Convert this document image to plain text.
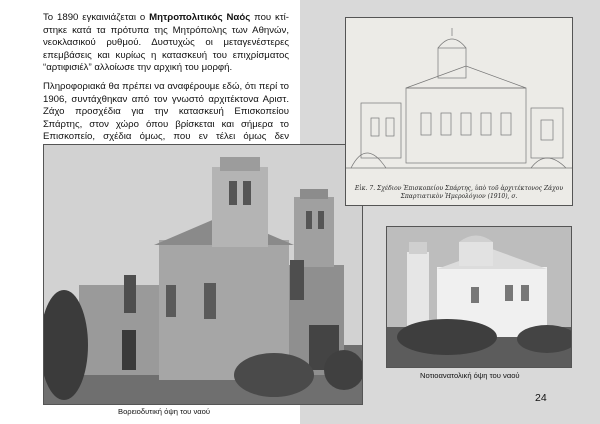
Το 1890 εγκαινιάζεται ο Μητροπολιτικός Ναός που κτίστηκε κατά τα πρότυπα της Μητρόπολης των Αθηνών, νεοκλασικού ρυθμού. Δυστυχώς οι μεταγενέστερες επεμβάσεις και κυρίως η κατασκευή του επιχρίσματος “αρτιφισιέλ” αλλοίωσε την αρχική του μορφή.

Πληροφοριακά θα πρέπει να αναφέρουμε εδώ, ότι περί το 1906, συντάχθηκαν από τον γνωστό αρχιτέκτονα Αριστ. Ζάχο προσχέδια για την κατασκευή Επισκοπείου Σπάρτης, στον χώρο όπου βρίσκεται και σήμερα το Επισκοπείο, σχέδια όμως, που εν τέλει όμως δεν

Εἰκ. 7. Σχέδιον Ἐπισκοπείου Σπάρτης, ὑπὸ τοῦ ἀρχιτέκτονος Ζάχου Σπαρτιατικὸν Ἡμερολόγιον (1910), σ.
Βορειοδυτική όψη του ναού
Νοτιοανατολική όψη του ναού
24
